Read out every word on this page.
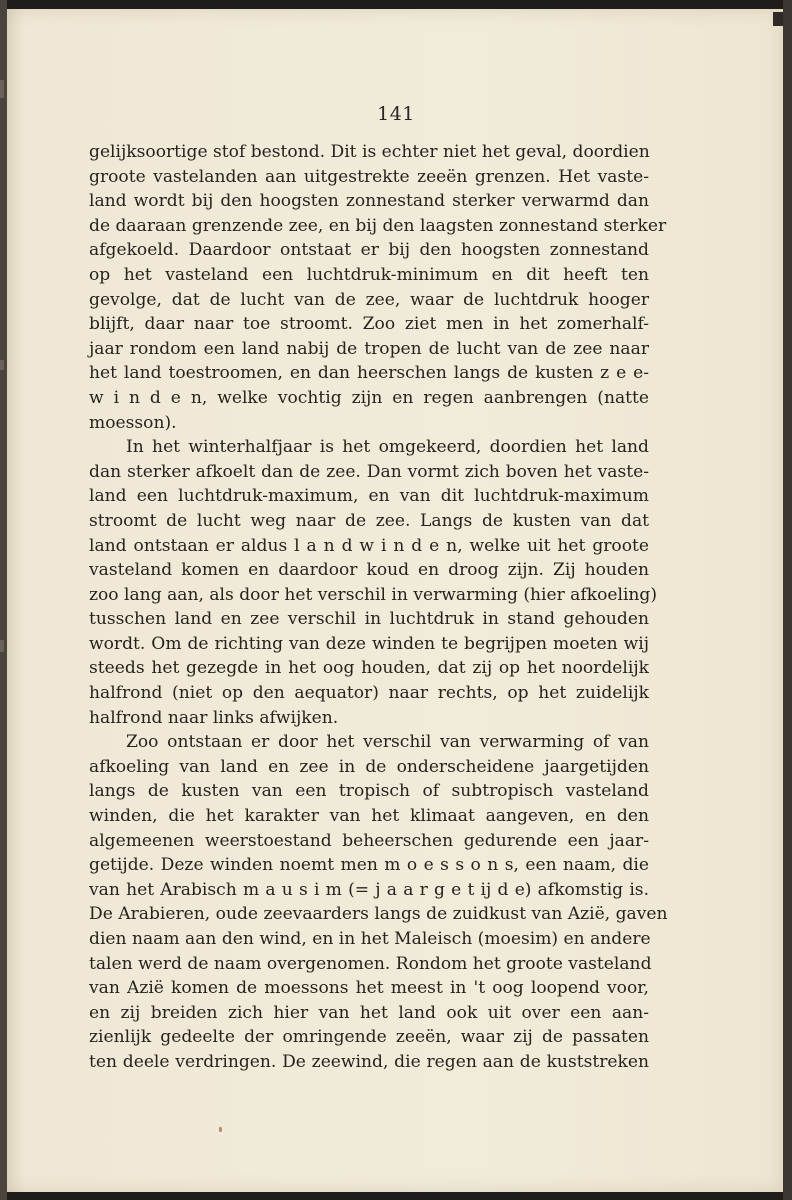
141
gelijksoortige stof bestond. Dit is echter niet het geval, doordien
groote vastelanden aan uitgestrekte zeeën grenzen. Het vaste-
land wordt bij den hoogsten zonnestand sterker verwarmd dan
de daaraan grenzende zee, en bij den laagsten zonnestand sterker
afgekoeld. Daardoor ontstaat er bij den hoogsten zonnestand
op het vasteland een luchtdruk-minimum en dit heeft ten
gevolge, dat de lucht van de zee, waar de luchtdruk hooger
blijft, daar naar toe stroomt. Zoo ziet men in het zomerhalf-
jaar rondom een land nabij de tropen de lucht van de zee naar
het land toestroomen, en dan heerschen langs de kusten z e e-
w i n d e n, welke vochtig zijn en regen aanbrengen (natte
moesson).
In het winterhalfjaar is het omgekeerd, doordien het land
dan sterker afkoelt dan de zee. Dan vormt zich boven het vaste-
land een luchtdruk-maximum, en van dit luchtdruk-maximum
stroomt de lucht weg naar de zee. Langs de kusten van dat
land ontstaan er aldus l a n d w i n d e n, welke uit het groote
vasteland komen en daardoor koud en droog zijn. Zij houden
zoo lang aan, als door het verschil in verwarming (hier afkoeling)
tusschen land en zee verschil in luchtdruk in stand gehouden
wordt. Om de richting van deze winden te begrijpen moeten wij
steeds het gezegde in het oog houden, dat zij op het noordelijk
halfrond (niet op den aequator) naar rechts, op het zuidelijk
halfrond naar links afwijken.
Zoo ontstaan er door het verschil van verwarming of van
afkoeling van land en zee in de onderscheidene jaargetijden
langs de kusten van een tropisch of subtropisch vasteland
winden, die het karakter van het klimaat aangeven, en den
algemeenen weerstoestand beheerschen gedurende een jaar-
getijde. Deze winden noemt men m o e s s o n s, een naam, die
van het Arabisch m a u s i m (= j a a r g e t ij d e) afkomstig is.
De Arabieren, oude zeevaarders langs de zuidkust van Azië, gaven
dien naam aan den wind, en in het Maleisch (moesim) en andere
talen werd de naam overgenomen. Rondom het groote vasteland
van Azië komen de moessons het meest in 't oog loopend voor,
en zij breiden zich hier van het land ook uit over een aan-
zienlijk gedeelte der omringende zeeën, waar zij de passaten
ten deele verdringen. De zeewind, die regen aan de kuststreken
